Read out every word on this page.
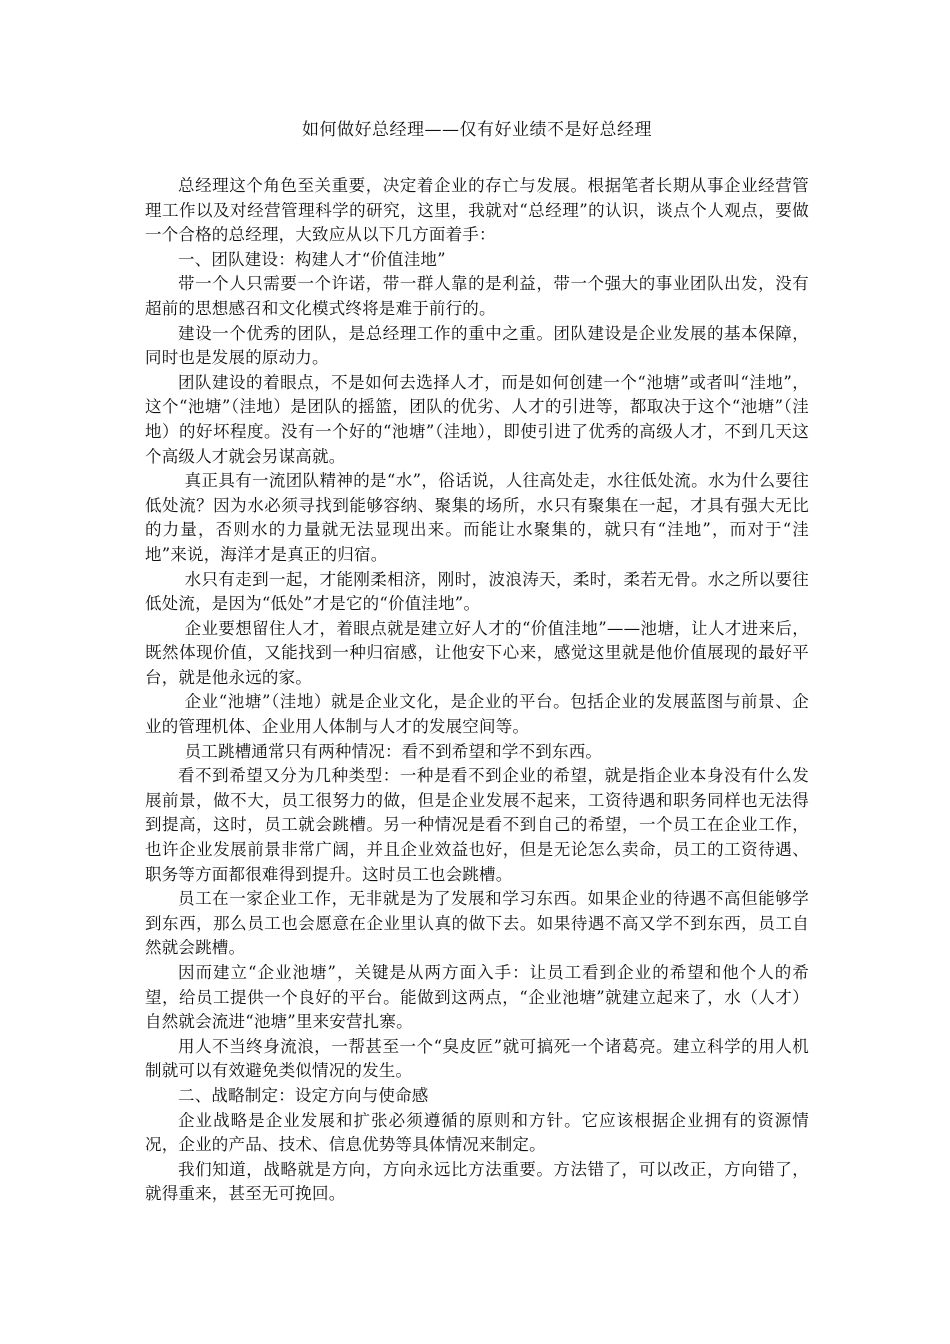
如何做好总经理——仅有好业绩不是好总经理

总经理这个角色至关重要，决定着企业的存亡与发展。根据笔者长期从事企业经营管理工作以及对经营管理科学的研究，这里，我就对“总经理”的认识，谈点个人观点，要做一个合格的总经理，大致应从以下几方面着手：

一、团队建设：构建人才“价值洼地”

带一个人只需要一个许诺，带一群人靠的是利益，带一个强大的事业团队出发，没有超前的思想感召和文化模式终将是难于前行的。

建设一个优秀的团队，是总经理工作的重中之重。团队建设是企业发展的基本保障，同时也是发展的原动力。

团队建设的着眼点，不是如何去选择人才，而是如何创建一个“池塘”或者叫“洼地”，这个“池塘”（洼地）是团队的摇篮，团队的优劣、人才的引进等，都取决于这个“池塘”（洼地）的好坏程度。没有一个好的“池塘”（洼地），即使引进了优秀的高级人才，不到几天这个高级人才就会另谋高就。

真正具有一流团队精神的是“水”，俗话说，人往高处走，水往低处流。水为什么要往低处流？因为水必须寻找到能够容纳、聚集的场所，水只有聚集在一起，才具有强大无比的力量，否则水的力量就无法显现出来。而能让水聚集的，就只有“洼地”，而对于“洼地”来说，海洋才是真正的归宿。

水只有走到一起，才能刚柔相济，刚时，波浪涛天，柔时，柔若无骨。水之所以要往低处流，是因为“低处”才是它的“价值洼地”。

企业要想留住人才，着眼点就是建立好人才的“价值洼地”——池塘，让人才进来后，既然体现价值，又能找到一种归宿感，让他安下心来，感觉这里就是他价值展现的最好平台，就是他永远的家。

企业“池塘”（洼地）就是企业文化，是企业的平台。包括企业的发展蓝图与前景、企业的管理机体、企业用人体制与人才的发展空间等。

员工跳槽通常只有两种情况：看不到希望和学不到东西。

看不到希望又分为几种类型：一种是看不到企业的希望，就是指企业本身没有什么发展前景，做不大，员工很努力的做，但是企业发展不起来，工资待遇和职务同样也无法得到提高，这时，员工就会跳槽。另一种情况是看不到自己的希望，一个员工在企业工作，也许企业发展前景非常广阔，并且企业效益也好，但是无论怎么卖命，员工的工资待遇、职务等方面都很难得到提升。这时员工也会跳槽。

员工在一家企业工作，无非就是为了发展和学习东西。如果企业的待遇不高但能够学到东西，那么员工也会愿意在企业里认真的做下去。如果待遇不高又学不到东西，员工自然就会跳槽。

因而建立“企业池塘”，关键是从两方面入手：让员工看到企业的希望和他个人的希望，给员工提供一个良好的平台。能做到这两点，“企业池塘”就建立起来了，水（人才）自然就会流进“池塘”里来安营扎寨。

用人不当终身流浪，一帮甚至一个“臭皮匠”就可搞死一个诸葛亮。建立科学的用人机制就可以有效避免类似情况的发生。

二、战略制定：设定方向与使命感

企业战略是企业发展和扩张必须遵循的原则和方针。它应该根据企业拥有的资源情况，企业的产品、技术、信息优势等具体情况来制定。

我们知道，战略就是方向，方向永远比方法重要。方法错了，可以改正，方向错了，就得重来，甚至无可挽回。
